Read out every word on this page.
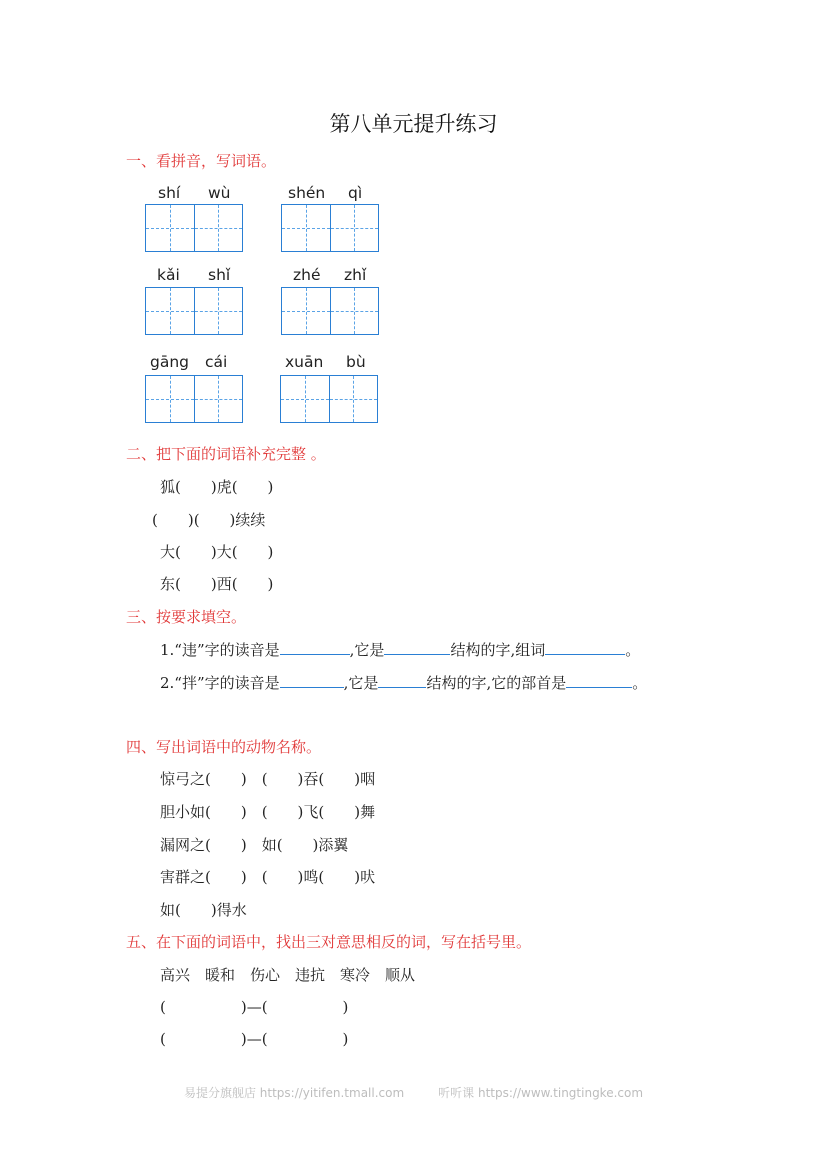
第八单元提升练习
一、看拼音，写词语。
shí wù	shén qì
kǎi shǐ	zhé zhǐ
gāng cái	xuān bù
二、把下面的词语补充完整 。
狐(　　)虎(　　)
(　　)(　　)续续
大(　　)大(　　)
东(　　)西(　　)
三、按要求填空。
1.“违”字的读音是	,它是	结构的字,组词	。
2.“拌”字的读音是	,它是	结构的字,它的部首是	。
四、写出词语中的动物名称。
惊弓之(　　)　(　　)吞(　　)咽
胆小如(　　)　(　　)飞(　　)舞
漏网之(　　)　如(　　)添翼
害群之(　　)　(　　)鸣(　　)吠
如(　　)得水
五、在下面的词语中，找出三对意思相反的词，写在括号里。
高兴　暖和　伤心　违抗　寒冷　顺从
(　　　　　)—(　　　　　)
(　　　　　)—(　　　　　)
易提分旗舰店 https://yitifen.tmall.com	听听课 https://www.tingtingke.com
